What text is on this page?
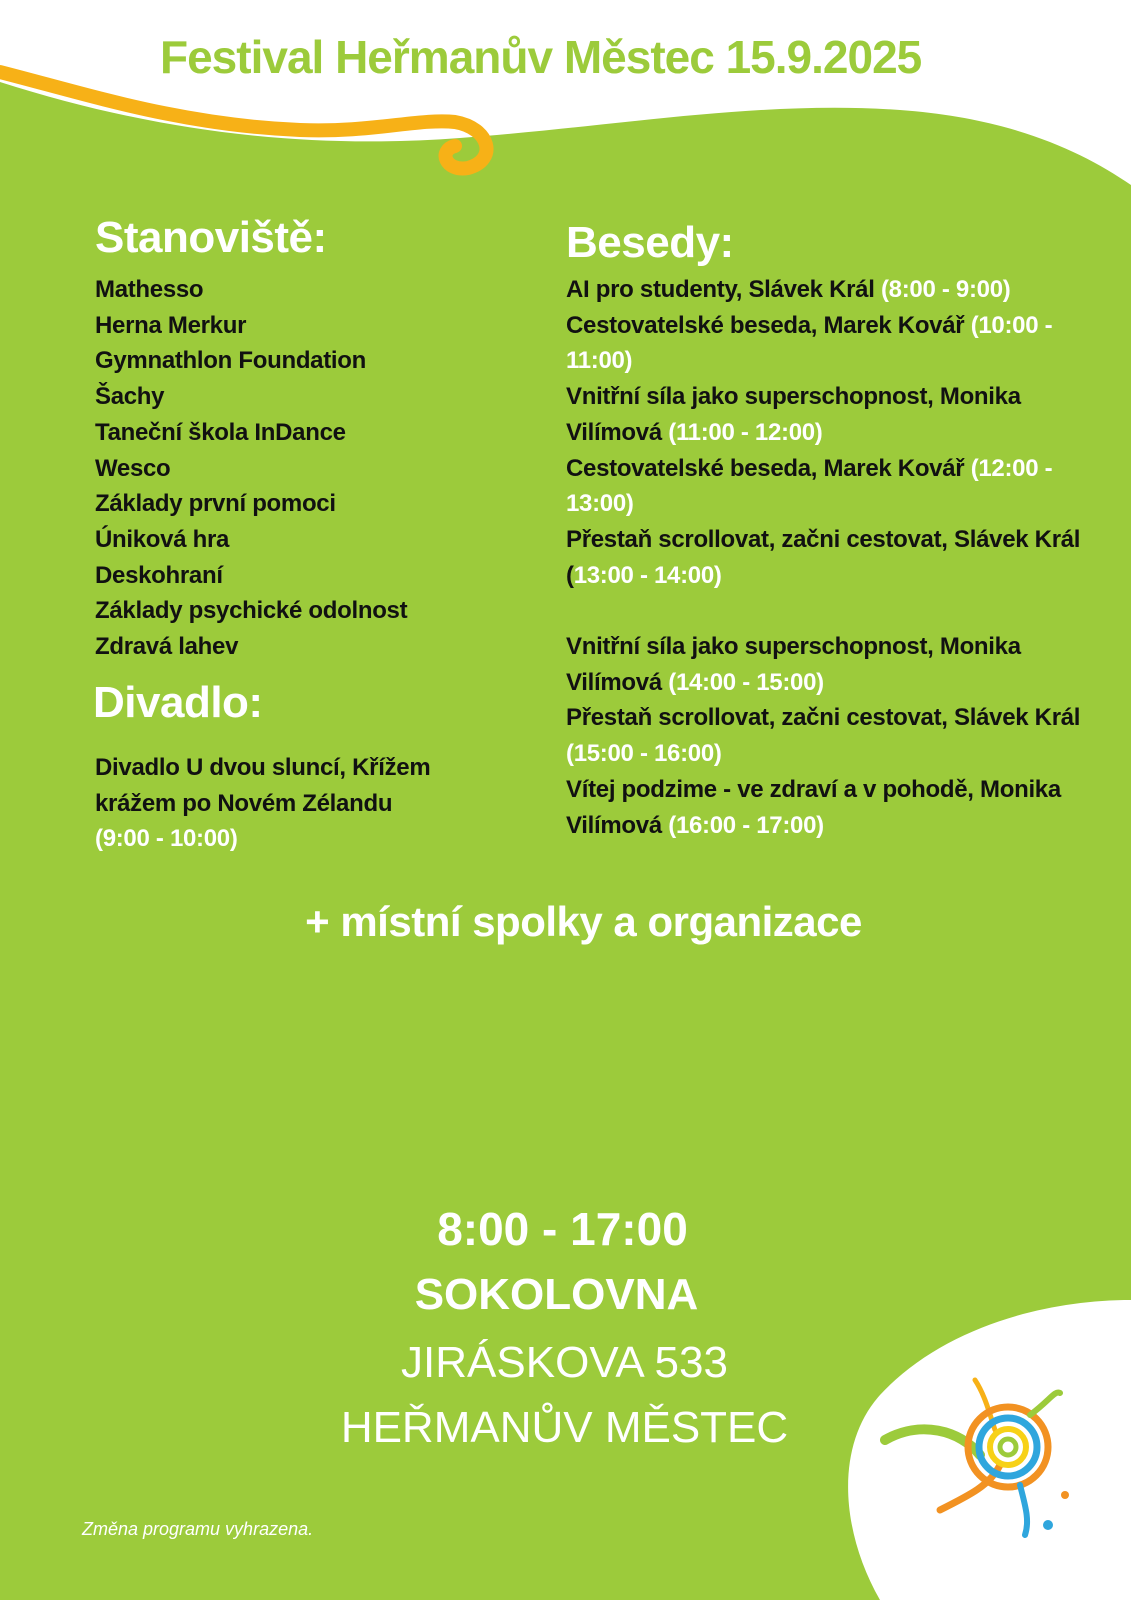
Festival Heřmanův Městec 15.9.2025
Stanoviště:
Mathesso
Herna Merkur
Gymnathlon Foundation
Šachy
Taneční škola InDance
Wesco
Základy první pomoci
Úniková hra
Deskohraní
Základy psychické odolnost
Zdravá lahev
Divadlo:
Divadlo U dvou sluncí, Křížem
krážem po Novém Zélandu
(9:00 - 10:00)
Besedy:
AI pro studenty, Slávek Král (8:00 - 9:00)
Cestovatelské beseda, Marek Kovář (10:00 - 11:00)
Vnitřní síla jako superschopnost, Monika Vilímová (11:00 - 12:00)
Cestovatelské beseda, Marek Kovář (12:00 - 13:00)
Přestaň scrollovat, začni cestovat, Slávek Král (13:00 - 14:00)
Vnitřní síla jako superschopnost, Monika Vilímová (14:00 - 15:00)
Přestaň scrollovat, začni cestovat, Slávek Král (15:00 - 16:00)
Vítej podzime - ve zdraví a v pohodě, Monika Vilímová (16:00 - 17:00)
+ místní spolky a organizace
8:00 - 17:00
SOKOLOVNA
JIRÁSKOVA 533
HEŘMANŮV MĚSTEC
Změna programu vyhrazena.
